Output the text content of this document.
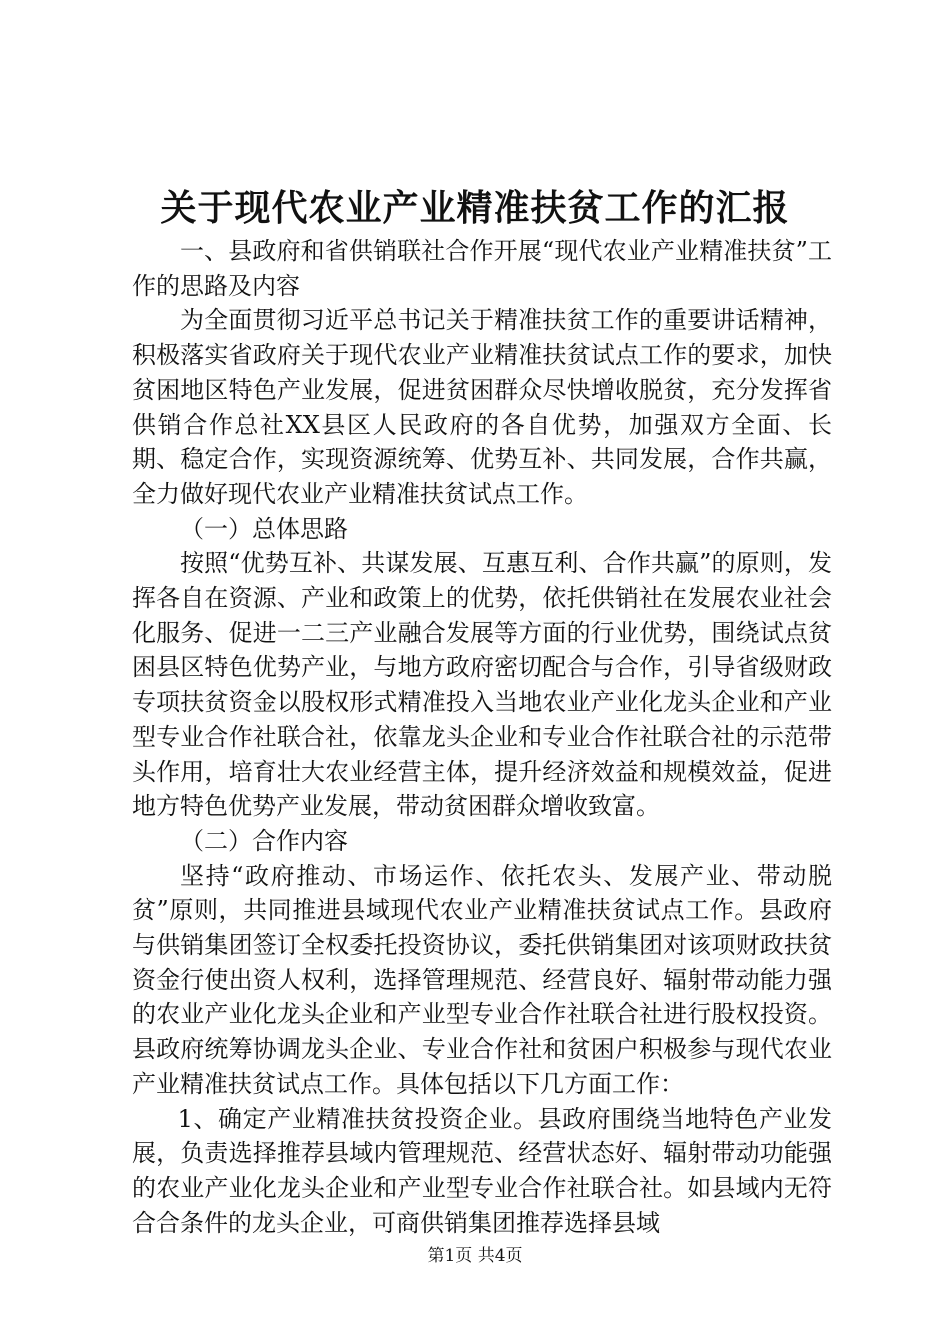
关于现代农业产业精准扶贫工作的汇报

一、县政府和省供销联社合作开展“现代农业产业精准扶贫”工作的思路及内容

为全面贯彻习近平总书记关于精准扶贫工作的重要讲话精神，积极落实省政府关于现代农业产业精准扶贫试点工作的要求，加快贫困地区特色产业发展，促进贫困群众尽快增收脱贫，充分发挥省供销合作总社XX县区人民政府的各自优势，加强双方全面、长期、稳定合作，实现资源统筹、优势互补、共同发展，合作共赢，全力做好现代农业产业精准扶贫试点工作。

（一）总体思路

按照“优势互补、共谋发展、互惠互利、合作共赢”的原则，发挥各自在资源、产业和政策上的优势，依托供销社在发展农业社会化服务、促进一二三产业融合发展等方面的行业优势，围绕试点贫困县区特色优势产业，与地方政府密切配合与合作，引导省级财政专项扶贫资金以股权形式精准投入当地农业产业化龙头企业和产业型专业合作社联合社，依靠龙头企业和专业合作社联合社的示范带头作用，培育壮大农业经营主体，提升经济效益和规模效益，促进地方特色优势产业发展，带动贫困群众增收致富。

（二）合作内容

坚持“政府推动、市场运作、依托农头、发展产业、带动脱贫”原则，共同推进县域现代农业产业精准扶贫试点工作。县政府与供销集团签订全权委托投资协议，委托供销集团对该项财政扶贫资金行使出资人权利，选择管理规范、经营良好、辐射带动能力强的农业产业化龙头企业和产业型专业合作社联合社进行股权投资。县政府统筹协调龙头企业、专业合作社和贫困户积极参与现代农业产业精准扶贫试点工作。具体包括以下几方面工作：

1、确定产业精准扶贫投资企业。县政府围绕当地特色产业发展，负责选择推荐县域内管理规范、经营状态好、辐射带动功能强的农业产业化龙头企业和产业型专业合作社联合社。如县域内无符合合条件的龙头企业，可商供销集团推荐选择县域

第1页 共4页
